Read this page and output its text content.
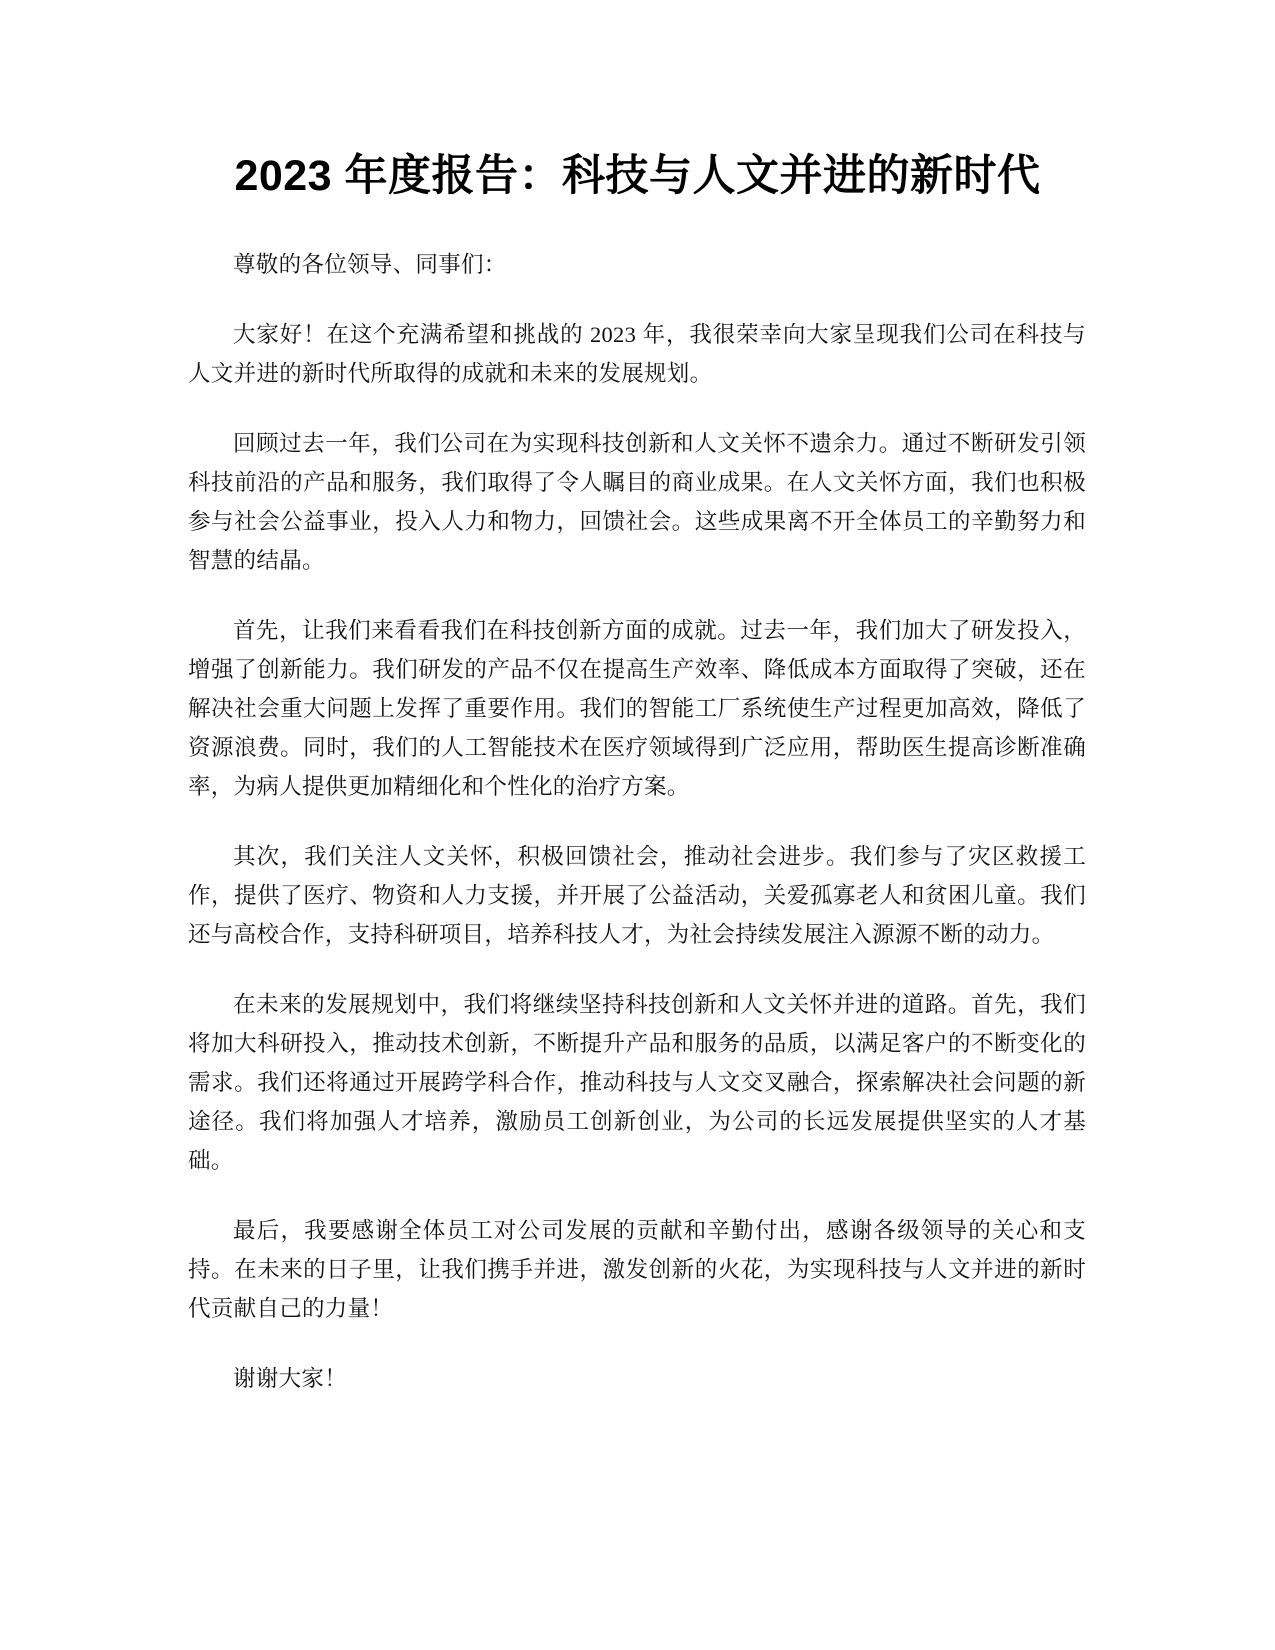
2023 年度报告：科技与人文并进的新时代

尊敬的各位领导、同事们：

大家好！在这个充满希望和挑战的 2023 年，我很荣幸向大家呈现我们公司在科技与人文并进的新时代所取得的成就和未来的发展规划。

回顾过去一年，我们公司在为实现科技创新和人文关怀不遗余力。通过不断研发引领科技前沿的产品和服务，我们取得了令人瞩目的商业成果。在人文关怀方面，我们也积极参与社会公益事业，投入人力和物力，回馈社会。这些成果离不开全体员工的辛勤努力和智慧的结晶。

首先，让我们来看看我们在科技创新方面的成就。过去一年，我们加大了研发投入，增强了创新能力。我们研发的产品不仅在提高生产效率、降低成本方面取得了突破，还在解决社会重大问题上发挥了重要作用。我们的智能工厂系统使生产过程更加高效，降低了资源浪费。同时，我们的人工智能技术在医疗领域得到广泛应用，帮助医生提高诊断准确率，为病人提供更加精细化和个性化的治疗方案。

其次，我们关注人文关怀，积极回馈社会，推动社会进步。我们参与了灾区救援工作，提供了医疗、物资和人力支援，并开展了公益活动，关爱孤寡老人和贫困儿童。我们还与高校合作，支持科研项目，培养科技人才，为社会持续发展注入源源不断的动力。

在未来的发展规划中，我们将继续坚持科技创新和人文关怀并进的道路。首先，我们将加大科研投入，推动技术创新，不断提升产品和服务的品质，以满足客户的不断变化的需求。我们还将通过开展跨学科合作，推动科技与人文交叉融合，探索解决社会问题的新途径。我们将加强人才培养，激励员工创新创业，为公司的长远发展提供坚实的人才基础。

最后，我要感谢全体员工对公司发展的贡献和辛勤付出，感谢各级领导的关心和支持。在未来的日子里，让我们携手并进，激发创新的火花，为实现科技与人文并进的新时代贡献自己的力量！

谢谢大家！
